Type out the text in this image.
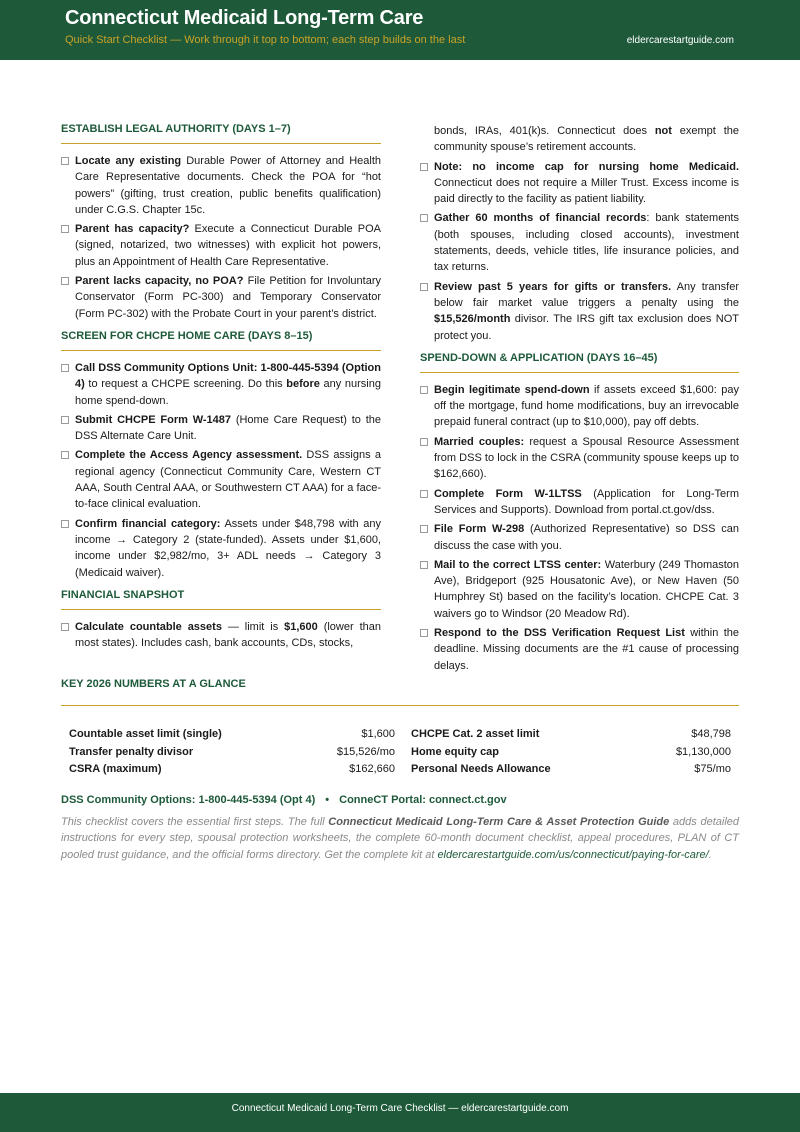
Connecticut Medicaid Long-Term Care
Quick Start Checklist — Work through it top to bottom; each step builds on the last	eldercarestartguide.com
ESTABLISH LEGAL AUTHORITY (DAYS 1–7)
Locate any existing Durable Power of Attorney and Health Care Representative documents. Check the POA for “hot powers” (gifting, trust creation, public benefits qualification) under C.G.S. Chapter 15c.
Parent has capacity? Execute a Connecticut Durable POA (signed, notarized, two witnesses) with explicit hot powers, plus an Appointment of Health Care Representative.
Parent lacks capacity, no POA? File Petition for Involuntary Conservator (Form PC-300) and Temporary Conservator (Form PC-302) with the Probate Court in your parent’s district.
SCREEN FOR CHCPE HOME CARE (DAYS 8–15)
Call DSS Community Options Unit: 1-800-445-5394 (Option 4) to request a CHCPE screening. Do this before any nursing home spend-down.
Submit CHCPE Form W-1487 (Home Care Request) to the DSS Alternate Care Unit.
Complete the Access Agency assessment. DSS assigns a regional agency (Connecticut Community Care, Western CT AAA, South Central AAA, or Southwestern CT AAA) for a face-to-face clinical evaluation.
Confirm financial category: Assets under $48,798 with any income → Category 2 (state-funded). Assets under $1,600, income under $2,982/mo, 3+ ADL needs → Category 3 (Medicaid waiver).
FINANCIAL SNAPSHOT
Calculate countable assets — limit is $1,600 (lower than most states). Includes cash, bank accounts, CDs, stocks,
bonds, IRAs, 401(k)s. Connecticut does not exempt the community spouse’s retirement accounts.
Note: no income cap for nursing home Medicaid. Connecticut does not require a Miller Trust. Excess income is paid directly to the facility as patient liability.
Gather 60 months of financial records: bank statements (both spouses, including closed accounts), investment statements, deeds, vehicle titles, life insurance policies, and tax returns.
Review past 5 years for gifts or transfers. Any transfer below fair market value triggers a penalty using the $15,526/month divisor. The IRS gift tax exclusion does NOT protect you.
SPEND-DOWN & APPLICATION (DAYS 16–45)
Begin legitimate spend-down if assets exceed $1,600: pay off the mortgage, fund home modifications, buy an irrevocable prepaid funeral contract (up to $10,000), pay off debts.
Married couples: request a Spousal Resource Assessment from DSS to lock in the CSRA (community spouse keeps up to $162,660).
Complete Form W-1LTSS (Application for Long-Term Services and Supports). Download from portal.ct.gov/dss.
File Form W-298 (Authorized Representative) so DSS can discuss the case with you.
Mail to the correct LTSS center: Waterbury (249 Thomaston Ave), Bridgeport (925 Housatonic Ave), or New Haven (50 Humphrey St) based on the facility’s location. CHCPE Cat. 3 waivers go to Windsor (20 Meadow Rd).
Respond to the DSS Verification Request List within the deadline. Missing documents are the #1 cause of processing delays.
KEY 2026 NUMBERS AT A GLANCE
Countable asset limit (single)	$1,600 CHCPE Cat. 2 asset limit	$48,798
Transfer penalty divisor	$15,526/mo Home equity cap	$1,130,000
CSRA (maximum)	$162,660 Personal Needs Allowance	$75/mo
DSS Community Options: 1-800-445-5394 (Opt 4) • ConneCT Portal: connect.ct.gov
This checklist covers the essential first steps. The full Connecticut Medicaid Long-Term Care & Asset Protection Guide adds detailed instructions for every step, spousal protection worksheets, the complete 60-month document checklist, appeal procedures, PLAN of CT pooled trust guidance, and the official forms directory. Get the complete kit at eldercarestartguide.com/us/connecticut/paying-for-care/.
Connecticut Medicaid Long-Term Care Checklist — eldercarestartguide.com
